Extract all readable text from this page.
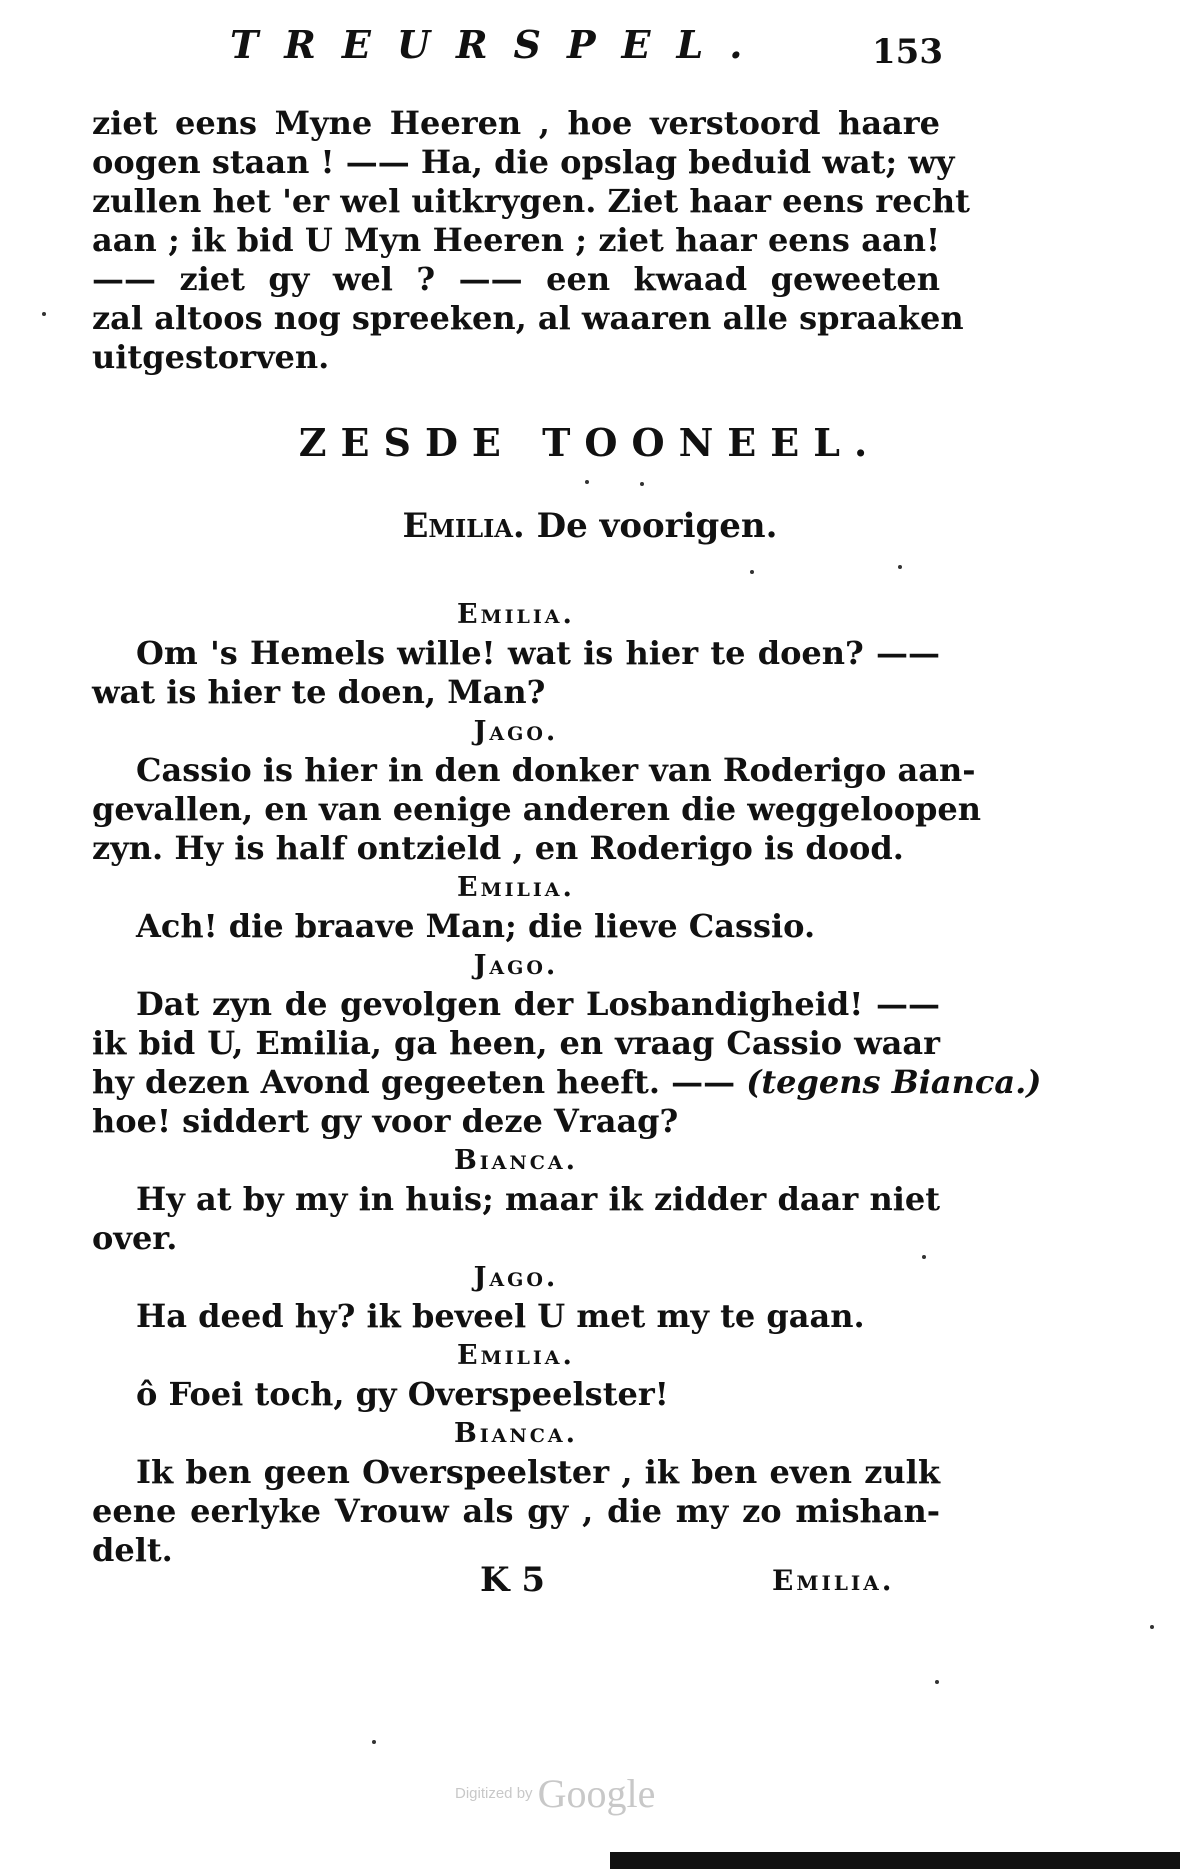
TREURSPEL.	153
ziet eens Myne Heeren , hoe verstoord haare
oogen staan ! —— Ha, die opslag beduid wat; wy
zullen het 'er wel uitkrygen. Ziet haar eens recht
aan ; ik bid U Myn Heeren ; ziet haar eens aan!
—— ziet gy wel ? —— een kwaad geweeten
zal altoos nog spreeken, al waaren alle spraaken
uitgestorven.
ZESDE TOONEEL.
Emilia. De voorigen.
Emilia.
Om 's Hemels wille! wat is hier te doen? ——
wat is hier te doen, Man?
Jago.
Cassio is hier in den donker van Roderigo aan-
gevallen, en van eenige anderen die weggeloopen
zyn. Hy is half ontzield , en Roderigo is dood.
Emilia.
Ach! die braave Man; die lieve Cassio.
Jago.
Dat zyn de gevolgen der Losbandigheid! ——
ik bid U, Emilia, ga heen, en vraag Cassio waar
hy dezen Avond gegeeten heeft. —— (tegens Bianca.)
hoe! siddert gy voor deze Vraag?
Bianca.
Hy at by my in huis; maar ik zidder daar niet
over.
Jago.
Ha deed hy? ik beveel U met my te gaan.
Emilia.
ô Foei toch, gy Overspeelster!
Bianca.
Ik ben geen Overspeelster , ik ben even zulk
eene eerlyke Vrouw als gy , die my zo mishan-
delt.
K 5	Emilia.
Digitized by Google
